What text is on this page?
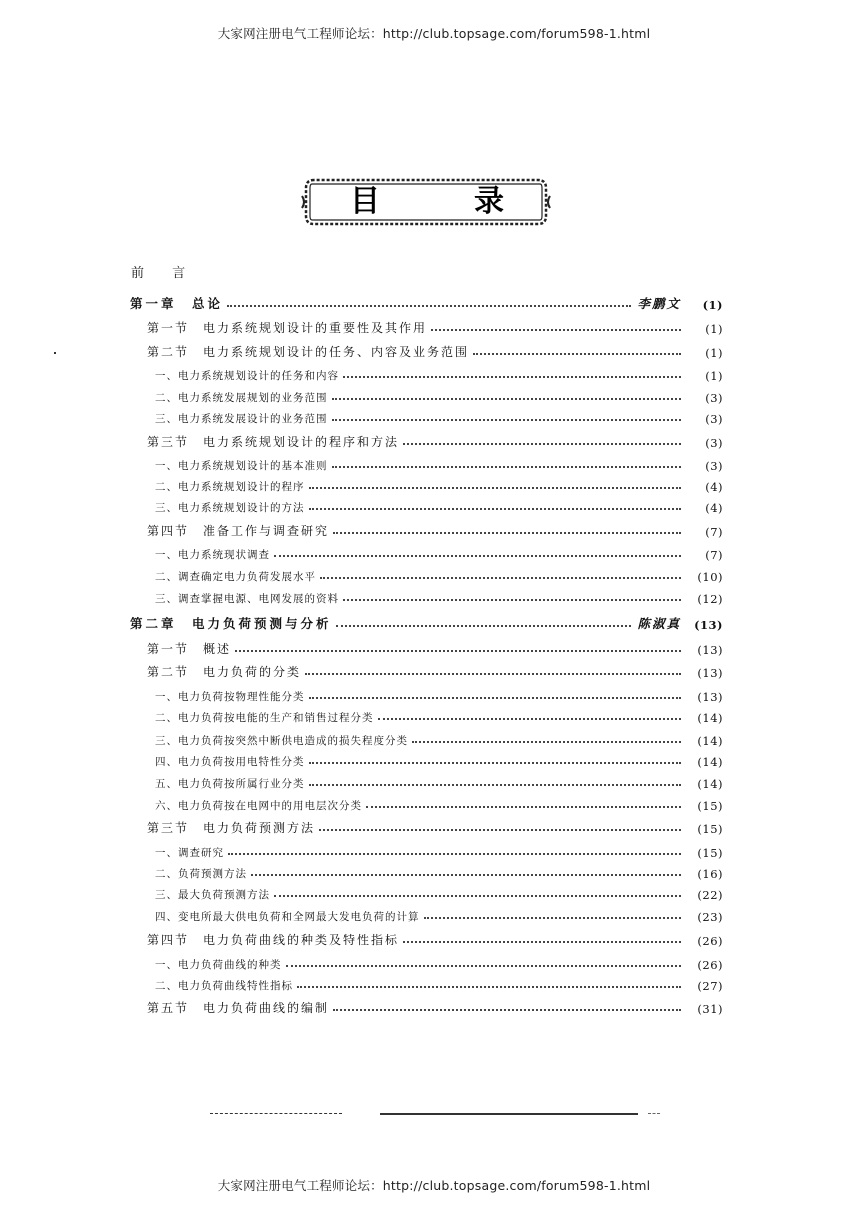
大家网注册电气工程师论坛：http://club.topsage.com/forum598-1.html
目	录
前 言
第一章　总论	李鹏文	(1)
第一节　电力系统规划设计的重要性及其作用	(1)
第二节　电力系统规划设计的任务、内容及业务范围	(1)
一、电力系统规划设计的任务和内容	(1)
二、电力系统发展规划的业务范围	(3)
三、电力系统发展设计的业务范围	(3)
第三节　电力系统规划设计的程序和方法	(3)
一、电力系统规划设计的基本准则	(3)
二、电力系统规划设计的程序	(4)
三、电力系统规划设计的方法	(4)
第四节　准备工作与调查研究	(7)
一、电力系统现状调查	(7)
二、调查确定电力负荷发展水平	(10)
三、调查掌握电源、电网发展的资料	(12)
第二章　电力负荷预测与分析	陈淑真	(13)
第一节　概述	(13)
第二节　电力负荷的分类	(13)
一、电力负荷按物理性能分类	(13)
二、电力负荷按电能的生产和销售过程分类	(14)
三、电力负荷按突然中断供电造成的损失程度分类	(14)
四、电力负荷按用电特性分类	(14)
五、电力负荷按所属行业分类	(14)
六、电力负荷按在电网中的用电层次分类	(15)
第三节　电力负荷预测方法	(15)
一、调查研究	(15)
二、负荷预测方法	(16)
三、最大负荷预测方法	(22)
四、变电所最大供电负荷和全网最大发电负荷的计算	(23)
第四节　电力负荷曲线的种类及特性指标	(26)
一、电力负荷曲线的种类	(26)
二、电力负荷曲线特性指标	(27)
第五节　电力负荷曲线的编制	(31)
大家网注册电气工程师论坛：http://club.topsage.com/forum598-1.html
